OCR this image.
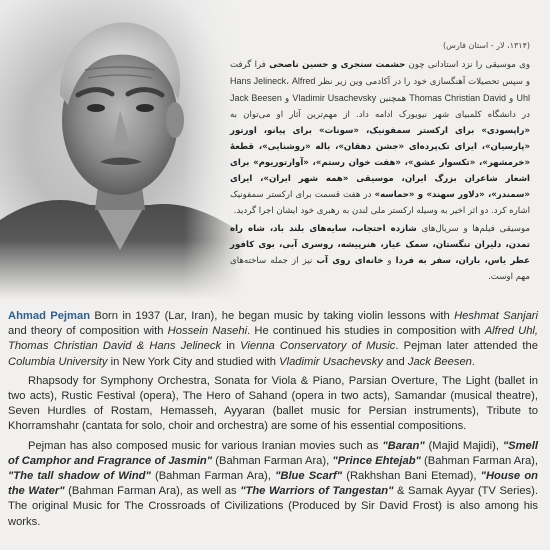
(۱۳۱۴، لار - استان فارس)

وی موسیقی را نزد استادانی چون حشمت سنجری و حسین ناصحی فرا گرفت و سپس تحصیلات آهنگسازی خود را در آکادمی وین زیر نظر Hans Jelineck، Alfred Uhl و Thomas Christian David همچنین Vladimir Usachevsky و Jack Beesen در دانشگاه کلمبیای شهر نیویورک ادامه داد. از مهم‌ترین آثار او می‌توان به «راپسودی» برای ارکستر سمفونیک، «سونات» برای پیانو، اورتور «پارسیان»، ایرای تک‌پرده‌ای «جشن دهقان»، باله «روشنایی»، قطعهٔ «خرمشهر»، «تکسوار عشق»، «هفت خوان رستم»، «آوارتوریوم» برای اشعار شاعران بزرگ ایران، موسیقی «همه شهر ایران»، ایرای «سمندر»، «دلاور سهند» و «حماسه» در هفت قسمت برای ارکستر سمفونیک اشاره کرد. دو اثر اخیر به وسیله ارکستر ملی لندن به رهبری خود ایشان اجرا گردید.

موسیقی فیلم‌ها و سریال‌های شازده احتجاب، سایه‌های بلند باد، شاه راه تمدن، دلیران تنگستان، سمک عیار، هنرپیشه، روسری آبی، بوی کافور عطر یاس، باران، سفر به فردا و خانه‌ای روی آب نیز از جمله ساخته‌های مهم اوست.

Ahmad Pejman Born in 1937 (Lar, Iran), he began music by taking violin lessons with Heshmat Sanjari and theory of composition with Hossein Nasehi. He continued his studies in composition with Alfred Uhl, Thomas Christian David & Hans Jelineck in Vienna Conservatory of Music. Pejman later attended the Columbia University in New York City and studied with Vladimir Usachevsky and Jack Beesen.

Rhapsody for Symphony Orchestra, Sonata for Viola & Piano, Parsian Overture, The Light (ballet in two acts), Rustic Festival (opera), The Hero of Sahand (opera in two acts), Samandar (musical theatre), Seven Hurdles of Rostam, Hemasseh, Ayyaran (ballet music for Persian instruments), Tribute to Khorramshahr (cantata for solo, choir and orchestra) are some of his essential compositions.

Pejman has also composed music for various Iranian movies such as "Baran" (Majid Majidi), "Smell of Camphor and Fragrance of Jasmin" (Bahman Farman Ara), "Prince Ehtejab" (Bahman Farman Ara), "The tall shadow of Wind" (Bahman Farman Ara), "Blue Scarf" (Rakhshan Bani Etemad), "House on the Water" (Bahman Farman Ara), as well as "The Warriors of Tangestan" & Samak Ayyar (TV Series). The original Music for The Crossroads of Civilizations (Produced by Sir David Frost) is also among his works.
